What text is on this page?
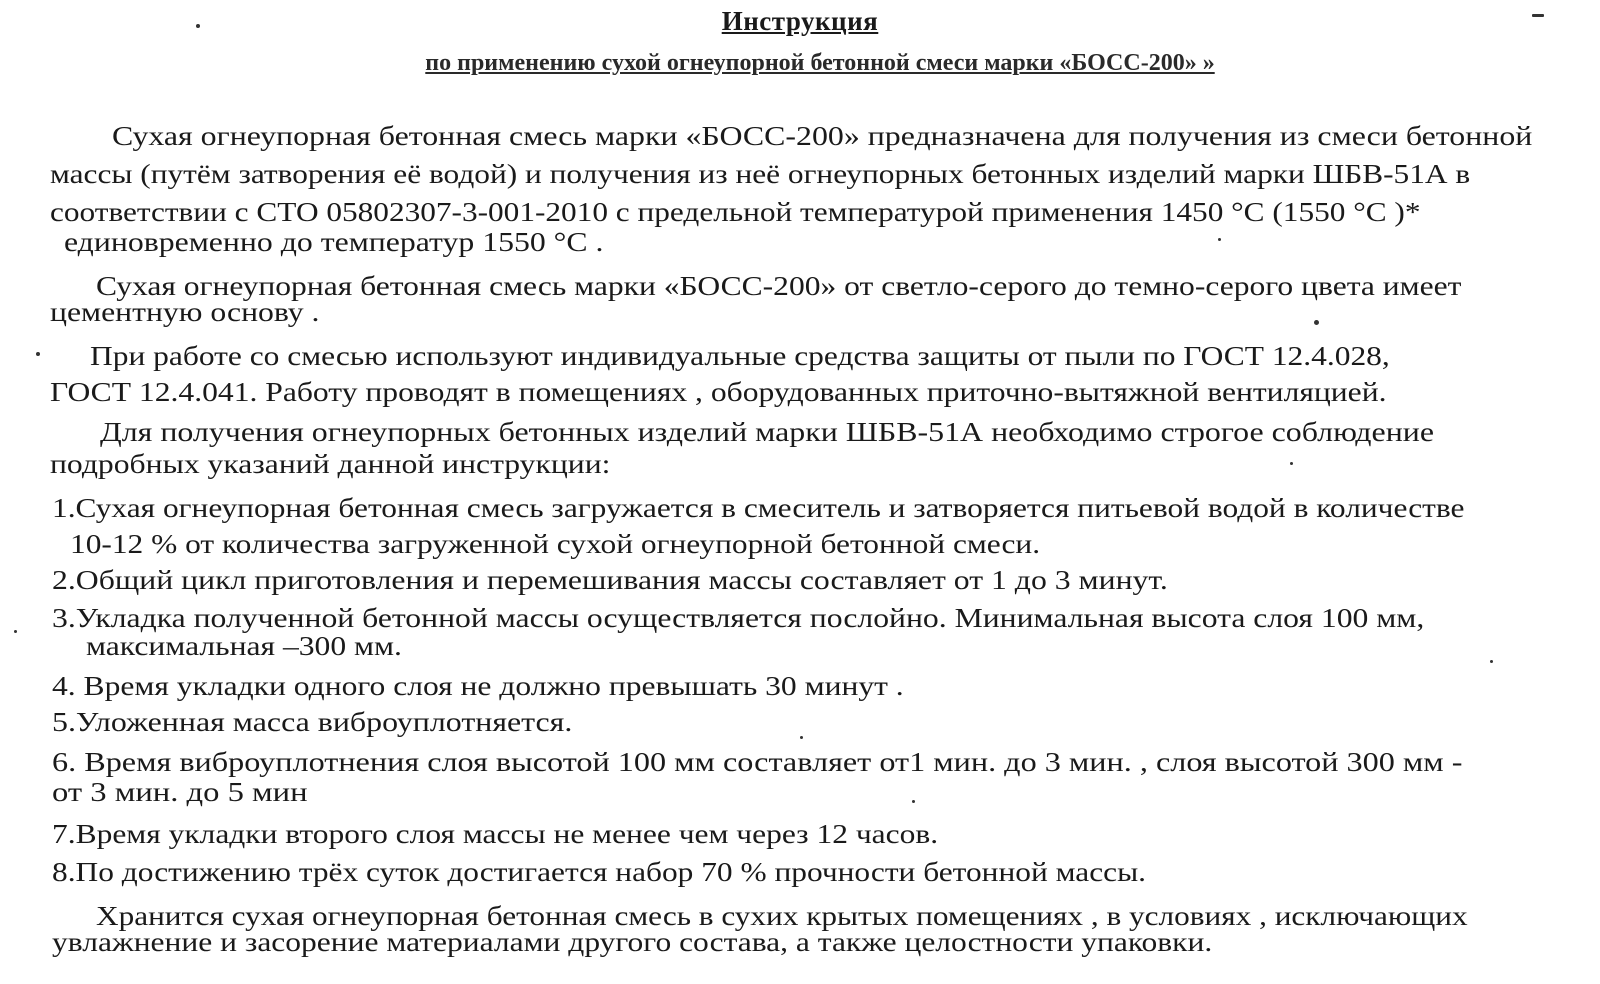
Инструкция
по применению сухой огнеупорной бетонной смеси марки «БОСС-200» »
Сухая огнеупорная бетонная смесь марки «БОСС-200» предназначена для получения из смеси бетонной
массы (путём затворения её водой) и получения из неё огнеупорных бетонных изделий марки ШБВ-51А в
соответствии с СТО 05802307-3-001-2010 с предельной температурой применения 1450 °С (1550 °С )*
единовременно до температур 1550 °С .
Сухая огнеупорная бетонная смесь марки «БОСС-200» от светло-серого до темно-серого цвета имеет
цементную основу .
При работе со смесью используют индивидуальные средства защиты от пыли по ГОСТ 12.4.028,
ГОСТ 12.4.041. Работу проводят в помещениях , оборудованных приточно-вытяжной вентиляцией.
Для получения огнеупорных бетонных изделий марки ШБВ-51А необходимо строгое соблюдение
подробных указаний данной инструкции:
1.Сухая огнеупорная бетонная смесь загружается в смеситель и затворяется питьевой водой в количестве
10-12 % от количества загруженной сухой огнеупорной бетонной смеси.
2.Общий цикл приготовления и перемешивания массы составляет от 1 до 3 минут.
3.Укладка полученной бетонной массы осуществляется послойно. Минимальная высота слоя 100 мм,
максимальная –300 мм.
4. Время укладки одного слоя не должно превышать 30 минут .
5.Уложенная масса виброуплотняется.
6. Время виброуплотнения слоя высотой 100 мм составляет от1 мин. до 3 мин. , слоя высотой 300 мм -
от 3 мин. до 5 мин
7.Время укладки второго слоя массы не менее чем через 12 часов.
8.По достижению трёх суток достигается набор 70 % прочности бетонной массы.
Хранится сухая огнеупорная бетонная смесь в сухих крытых помещениях , в условиях , исключающих
увлажнение и засорение материалами другого состава, а также целостности упаковки.
